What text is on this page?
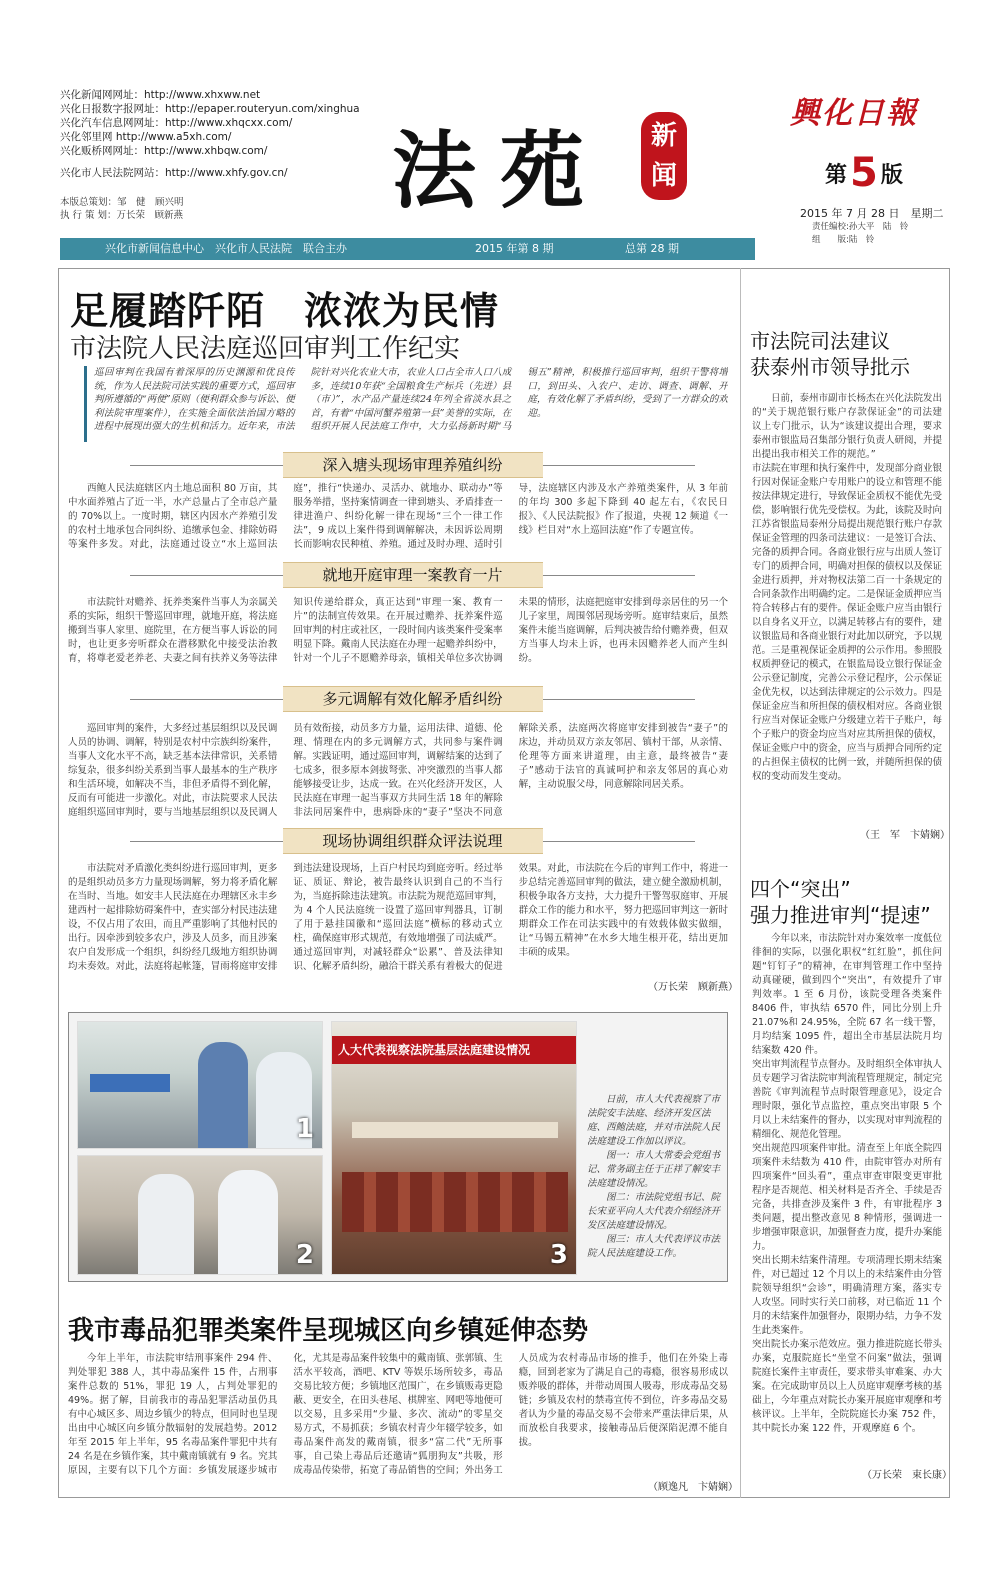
兴化新闻网网址：http://www.xhxww.net
兴化日报数字报网址：http://epaper.routeryun.com/xinghua
兴化汽车信息网网址：http://www.xhqcxx.com/
兴化邻里网 http://www.a5xh.com/
兴化贩桥网网址：http://www.xhbqw.com/
兴化市人民法院网站：http://www.xhfy.gov.cn/
本版总策划：邹　健　顾兴明
执 行 策 划：万长荣　顾新燕 法苑	新闻
興化日報
第5 版
2015 年 7 月 28 日　星期二
责任编校:孙大平　陆　铃
组　　版:陆　铃
兴化市新闻信息中心　兴化市人民法院　联合主办	2015 年第 8 期	总第 28 期
足履踏阡陌　浓浓为民情
市法院人民法庭巡回审判工作纪实
巡回审判在我国有着深厚的历史渊源和优良传统，作为人民法院司法实践的重要方式，巡回审判所遵循的“两便”原则（便利群众参与诉讼、便利法院审理案件），在实施全面依法治国方略的进程中展现出强大的生机和活力。近年来，市法院针对兴化农业大市，农业人口占全市人口八成多，连续10年获“全国粮食生产标兵（先进）县（市）”，水产品产量连续24年列全省淡水县之首，有着“中国河蟹养殖第一县”美誉的实际，在组织开展人民法庭工作中，大力弘扬新时期“马锡五”精神，积极推行巡回审判，组织干警将增口，到田头、入农户、走访、调查、调解、开庭，有效化解了矛盾纠纷，受到了一方群众的欢迎。
深入塘头现场审理养殖纠纷
西鲍人民法庭辖区内土地总面积 80 万亩，其中水面养殖占了近一半，水产总量占了全市总产量的 70%以上。一度时期，辖区内因水产养殖引发的农村土地承包合同纠纷、追缴承包金、排除妨碍等案件多发。对此，法庭通过设立“水上巡回法庭”，推行“快递办、灵活办、就地办、联动办”等服务举措，坚持案情调查一律到塘头、矛盾排查一律进渔户、纠纷化解一律在现场“三个一律工作法”，9 成以上案件得到调解解决，未因诉讼周期长而影响农民种植、养殖。通过及时办理、适时引导，法庭辖区内涉及水产养殖类案件，从 3 年前的年均 300 多起下降到 40 起左右，《农民日报》、《人民法院报》作了报道，央视 12 频道《一线》栏目对“水上巡回法庭”作了专题宣传。
就地开庭审理一案教育一片
市法院针对赡养、抚养类案件当事人为亲属关系的实际，组织干警巡回审理，就地开庭，将法庭搬到当事人家里、庭院里，在方便当事人诉讼的同时，也让更多旁听群众在潜移默化中接受法治教育，将尊老爱老养老、夫妻之间有扶养义务等法律知识传递给群众，真正达到“审理一案、教育一片”的法制宣传效果。在开展过赡养、抚养案件巡回审判的村庄或社区，一段时间内该类案件受案率明显下降。戴南人民法庭在办理一起赡养纠纷中，针对一个儿子不愿赡养母亲，镇相关单位多次协调未果的情形，法庭把庭审安排到母亲居住的另一个儿子家里，周围邻居现场旁听。庭审结束后，虽然案件未能当庭调解，后判决被告给付赡养费，但双方当事人均未上诉，也再未因赡养老人而产生纠纷。
多元调解有效化解矛盾纠纷
巡回审判的案件，大多经过基层组织以及民调人员的协调、调解，特别是农村中宗族纠纷案件，当事人文化水平不高，缺乏基本法律常识，关系错综复杂，很多纠纷关系到当事人最基本的生产秩序和生活环境，如解决不当，非但矛盾得不到化解，反而有可能进一步激化。对此，市法院要求人民法庭组织巡回审判时，要与当地基层组织以及民调人员有效衔接，动员多方力量，运用法律、道德、伦理、情理在内的多元调解方式，共同参与案件调解。实践证明，通过巡回审判，调解结案的达到了七成多，很多原本剑拔弩张、冲突激烈的当事人都能够接受让步，达成一致。在兴化经济开发区，人民法庭在审理一起当事双方共同生活 18 年的解除非法同居案件中，患病卧床的“妻子”坚决不同意解除关系，法庭两次将庭审安排到被告“妻子”的床边，并动员双方亲友邻居、镇村干部，从亲情、伦理等方面来讲道理，由主意，最终被告“妻子”感动于法官的真诚呵护和亲友邻居的真心劝解，主动说服父母，同意解除同居关系。
现场协调组织群众评法说理
市法院对矛盾激化类纠纷进行巡回审判，更多的是组织动员多方力量现场调解，努力将矛盾化解在当时、当地。如安丰人民法庭在办理辖区永丰乡建西村一起排除妨碍案件中，查实部分村民违法建设，不仅占用了农田，而且严重影响了其他村民的出行。因牵涉到较多农户，涉及人员多，而且涉案农户自发形成一个组织，纠纷经几级地方组织协调均未奏效。对此，法庭将起帐篷，冒雨将庭审安排到违法建设现场，上百户村民均到庭旁听。经过举证、质证、辩论，被告最终认识到自己的不当行为，当庭拆除违法建筑。市法院为规范巡回审判，为 4 个人民法庭统一设置了巡回审判器具，订制了用于悬挂国徽和“巡回法庭”横标的移动式立柱，确保庭审形式规范，有效地增强了司法威严。通过巡回审判，对减轻群众“讼累”、普及法律知识、化解矛盾纠纷，融洽干群关系有着极大的促进效果。对此，市法院在今后的审判工作中，将进一步总结完善巡回审判的做法，建立健全激励机制，积极争取各方支持，大力提升干警驾驭庭审、开展群众工作的能力和水平，努力把巡回审判这一新时期群众工作在司法实践中的有效载体做实做细，让“马锡五精神”在水乡大地生根开花，结出更加丰硕的成果。
（万长荣　顾新燕）
1
2
人大代表视察法院基层法庭建设情况
3
日前，市人大代表视察了市法院安丰法庭、经济开发区法庭、西鲍法庭，并对市法院人民法庭建设工作加以评议。
图一：市人大常委会党组书记、常务副主任于正祥了解安丰法庭建设情况。
图二：市法院党组书记、院长宋亚平向人大代表介绍经济开发区法庭建设情况。
图三：市人大代表评议市法院人民法庭建设工作。
我市毒品犯罪类案件呈现城区向乡镇延伸态势
今年上半年，市法院审结刑事案件 294 件、判处罪犯 388 人，其中毒品案件 15 件，占刑事案件总数的 51%，罪犯 19 人，占判处罪犯的 49%。据了解，目前我市的毒品犯罪活动虽仍具有中心城区多、周边乡镇少的特点，但同时也呈现出由中心城区向乡镇分散辐射的发展趋势。2012 年至 2015 年上半年，95 名毒品案件罪犯中共有 24 名是在乡镇作案，其中戴南镇就有 9 名。究其原因，主要有以下几个方面：乡镇发展逐步城市化，尤其是毒品案件较集中的戴南镇、张郭镇、生活水平较高，酒吧、KTV 等娱乐场所较多，毒品交易比较方便；乡镇地区范围广，在乡镇贩毒更隐蔽、更安全，在田头巷尾、棋牌室、网吧等地便可以交易，且多采用“少量、多次、流动”的零星交易方式，不易抓获；乡镇农村青少年辍学较多，如毒品案件高发的戴南镇，很多“富二代”无所事事，自己染上毒品后还邀请“狐朋狗友”共吸，形成毒品传染带，拓宽了毒品销售的空间；外出务工人员成为农村毒品市场的推手，他们在外染上毒瘾，回到老家为了满足自己的毒瘾，很容易形成以贩养吸的群体，并带动周围人吸毒，形成毒品交易链；乡镇及农村的禁毒宣传不到位，许多毒品交易者认为少量的毒品交易不会带来严重法律后果，从而放松自我要求，接触毒品后便深陷泥潭不能自拔。
（顾逸凡　卞婧娴）
市法院司法建议
获泰州市领导批示
日前，泰州市副市长杨杰在兴化法院发出的“关于规范银行账户存款保证金”的司法建议上专门批示，认为“该建议提出合理，要求泰州市银监局召集部分银行负责人研阅，并提出提出我市相关工作的规范。”
市法院在审理和执行案件中，发现部分商业银行因对保证金账户专用账户的设立和管理不能按法律规定进行，导致保证金质权不能优先受偿，影响银行优先受偿权。为此，该院及时向江苏省银监局泰州分局提出规范银行账户存款保证金管理的四条司法建议：一是签订合法、完备的质押合同。各商业银行应与出质人签订专门的质押合同，明确对担保的债权以及保证金进行质押，并对物权法第二百一十条规定的合同条款作出明确约定。二是保证金质押应当符合转移占有的要件。保证金账户应当由银行以自身名义开立，以满足转移占有的要件，建议银监局和各商业银行对此加以研究，予以规范。三是重视保证金质押的公示作用。参照股权质押登记的模式，在银监局设立银行保证金公示登记制度，完善公示登记程序，公示保证金优先权，以达到法律规定的公示效力。四是保证金应当和所担保的债权相对应。各商业银行应当对保证金账户分级建立若干子账户，每个子账户的资金均应当对应其所担保的债权，保证金账户中的资金，应当与质押合同所约定的占担保主债权的比例一致，并随所担保的债权的变动而发生变动。
（王　军　卞婧娴）
四个“突出”
强力推进审判“提速”
今年以来，市法院针对办案效率一度低位徘徊的实际，以强化职权“红红脸”，抓住问题“钉钉子”的精神，在审判管理工作中坚持动真碰硬，做到四个“突出”，有效提升了审判效率。1 至 6 月份，该院受理各类案件 8406 件，审执结 6570 件，同比分别上升 21.07%和 24.95%，全院 67 名一线干警，月均结案 1095 件，超出全市基层法院月均结案数 420 件。
突出审判流程节点督办。及时组织全体审执人员专题学习省法院审判流程管理规定，制定完善院《审判流程节点时限管理意见》，设定合理时限，强化节点监控，重点突出审限 5 个月以上未结案件的督办，以实现对审判流程的精细化、规范化管理。
突出规范四项案件审批。清查至上年底全院四项案件未结数为 410 件，由院审管办对所有四项案件“回头看”，重点审查审限变更审批程序是否规范、相关材料是否齐全、手续是否完备，共排查涉及案件 3 件，有审批程序 3 类问题，提出整改意见 8 种情形，强调进一步增强审限意识，加强督查力度，提升办案能力。
突出长期未结案件清理。专项清理长期未结案件，对已超过 12 个月以上的未结案件由分管院领导组织“会诊”，明确清理方案，落实专人攻坚。同时实行关口前移，对已临近 11 个月的未结案件加强督办，限期办结，力争不发生此类案件。
突出院长办案示范效应。强力推进院庭长带头办案，克服院庭长“坐堂不问案”做法，强调院庭长案件主审责任，要求带头审难案、办大案。在完成助审员以上人员庭审观摩考核的基础上，今年重点对院长办案开展庭审观摩和考核评议。上半年，全院院庭长办案 752 件，其中院长办案 122 件，开观摩庭 6 个。
（万长荣　束长康）
